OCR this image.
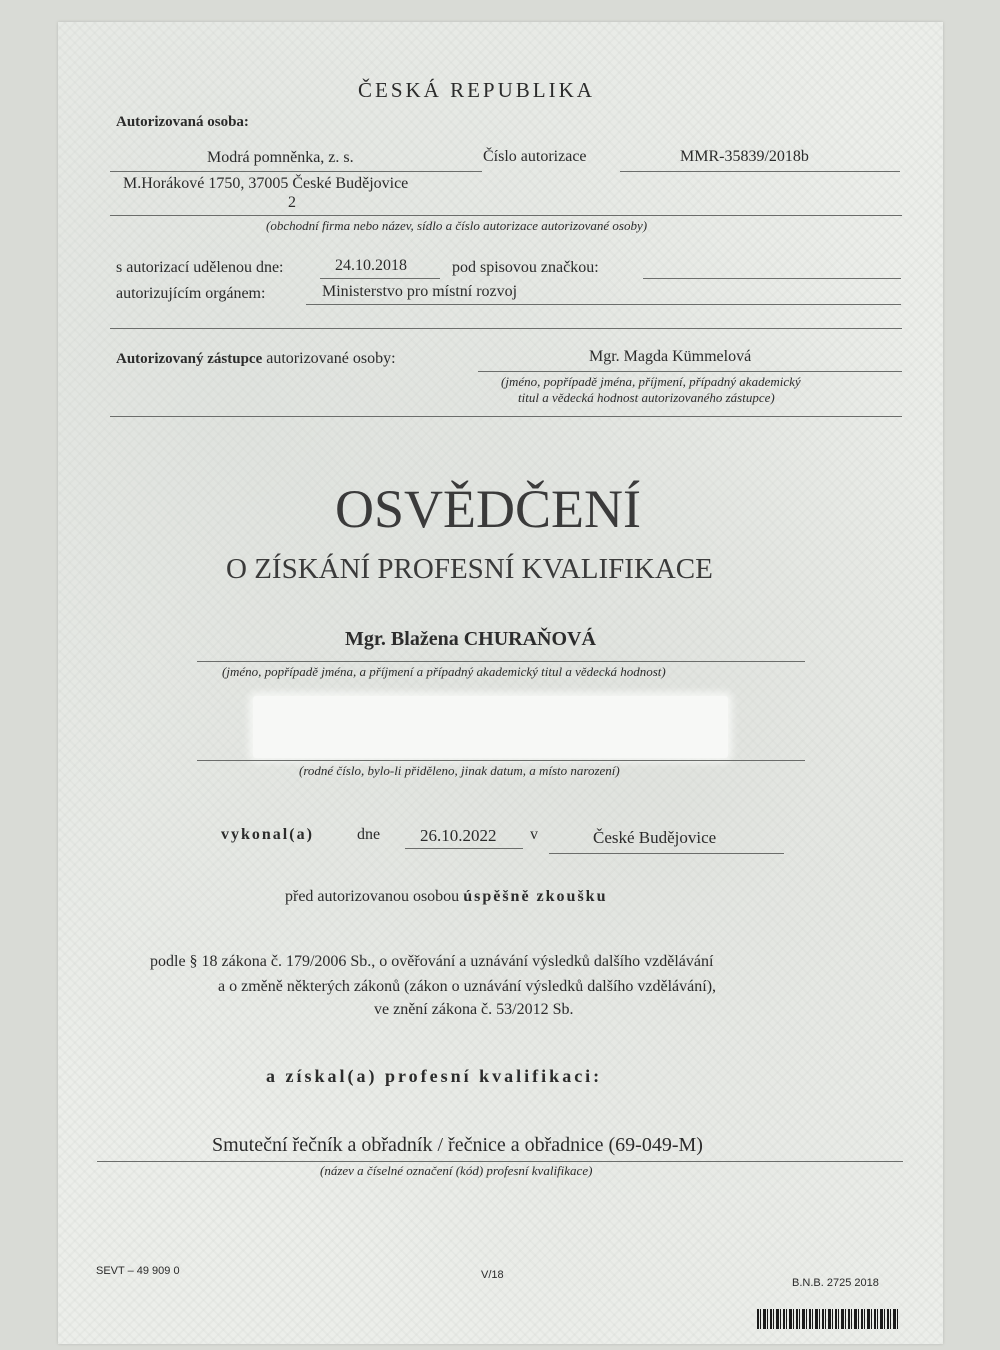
ČESKÁ REPUBLIKA
Autorizovaná osoba:
Modrá pomněnka, z. s.	Číslo autorizace	MMR-35839/2018b
M.Horákové 1750, 37005 České Budějovice
2
(obchodní firma nebo název, sídlo a číslo autorizace autorizované osoby)
s autorizací udělenou dne:	24.10.2018	pod spisovou značkou:
autorizujícím orgánem:	Ministerstvo pro místní rozvoj
Autorizovaný zástupce autorizované osoby:	Mgr. Magda Kümmelová
(jméno, popřípadě jména, příjmení, případný akademický
titul a vědecká hodnost autorizovaného zástupce)
OSVĚDČENÍ
O ZÍSKÁNÍ PROFESNÍ KVALIFIKACE
Mgr. Blažena CHURAŇOVÁ
(jméno, popřípadě jména, a příjmení a případný akademický titul a vědecká hodnost)
(rodné číslo, bylo-li přiděleno, jinak datum, a místo narození)
vykonal(a)	dne 26.10.2022 v	České Budějovice
před autorizovanou osobou úspěšně zkoušku
podle § 18 zákona č. 179/2006 Sb., o ověřování a uznávání výsledků dalšího vzdělávání
a o změně některých zákonů (zákon o uznávání výsledků dalšího vzdělávání),
ve znění zákona č. 53/2012 Sb.
a získal(a) profesní kvalifikaci:
Smuteční řečník a obřadník / řečnice a obřadnice (69-049-M)
(název a číselné označení (kód) profesní kvalifikace)
SEVT – 49 909 0	V/18
B.N.B. 2725 2018
